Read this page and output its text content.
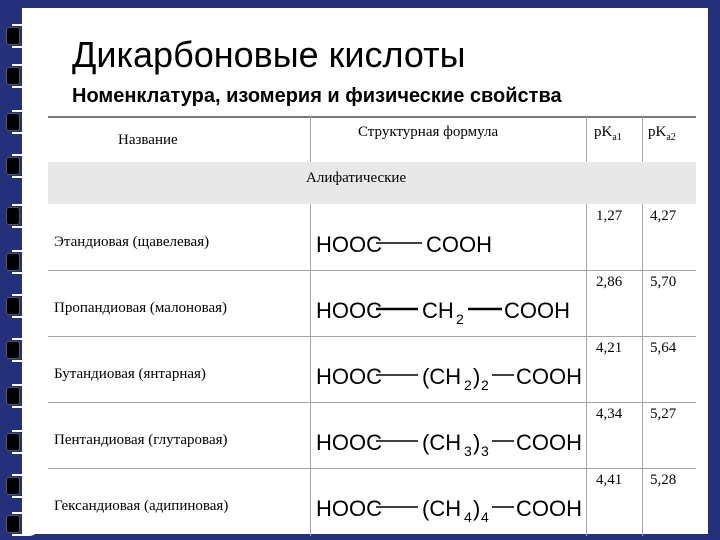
Дикарбоновые кислоты
Номенклатура, изомерия и физические свойства
Название	Структурная формула	$pK_{a1}$ $pK_{a2}$
Алифатические
Этандиовая (щавелевая)
1,27 4,27
HOOC COOH
Пропандиовая (малоновая)
2,86 5,70
HOOC CH 2 COOH
Бутандиовая (янтарная)
4,21 5,64
HOOC (CH 2 ) 2 COOH
Пентандиовая (глутаровая)
4,34 5,27
HOOC (CH 3 ) 3 COOH
Гександиовая (адипиновая)
4,41 5,28
HOOC (CH 4 ) 4 COOH
